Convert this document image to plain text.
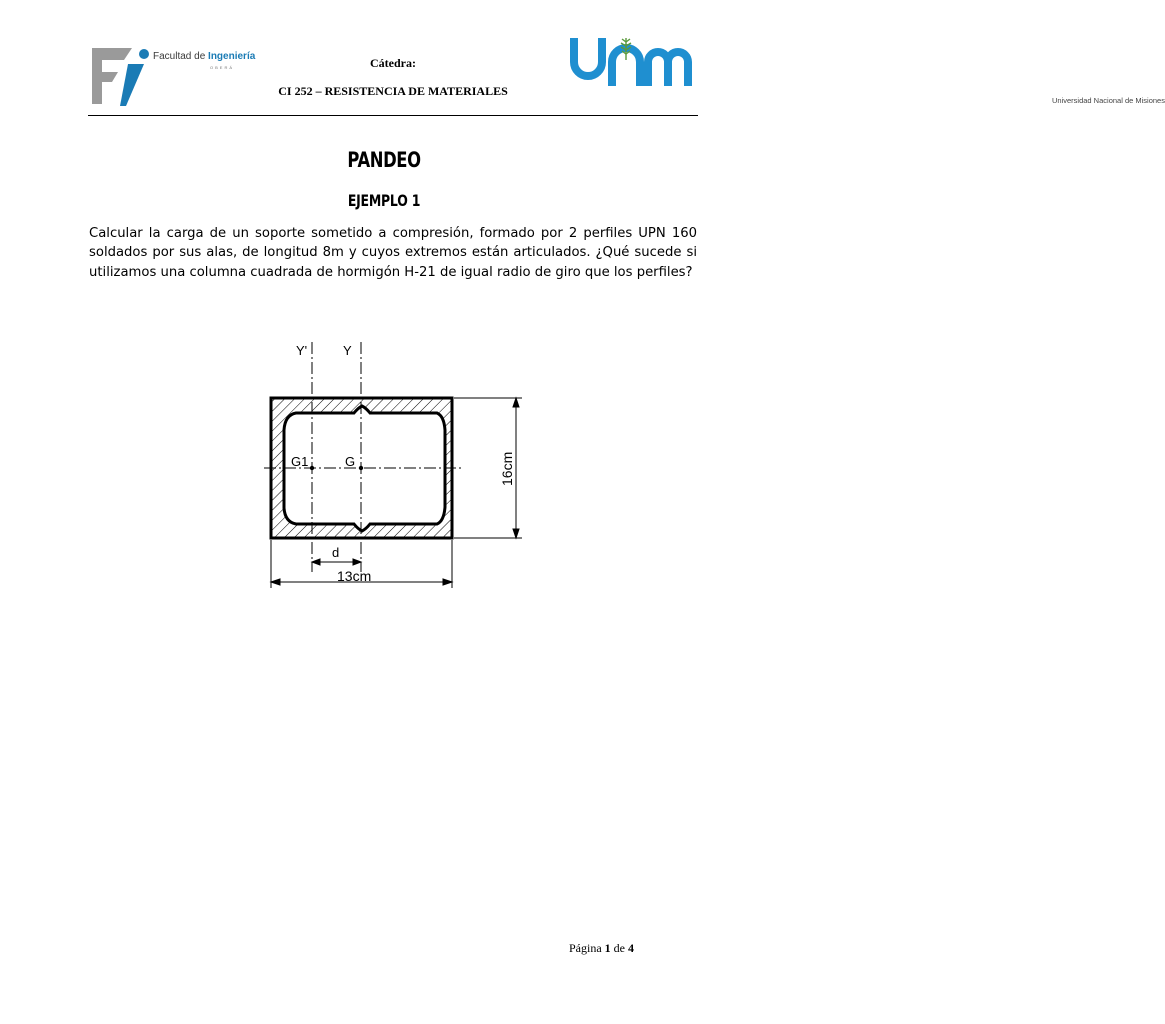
Facultad de Ingeniería
OBERÁ	Cátedra:
CI 252 – RESISTENCIA DE MATERIALES
Universidad Nacional de Misiones
PANDEO
EJEMPLO 1
Calcular la carga de un soporte sometido a compresión, formado por 2 perfiles UPN 160 soldados por sus alas, de longitud 8m y cuyos extremos están articulados. ¿Qué sucede si utilizamos una columna cuadrada de hormigón H-21 de igual radio de giro que los perfiles?
Y'	Y
G1	G
d
13cm
16cm
Página 1 de 4
